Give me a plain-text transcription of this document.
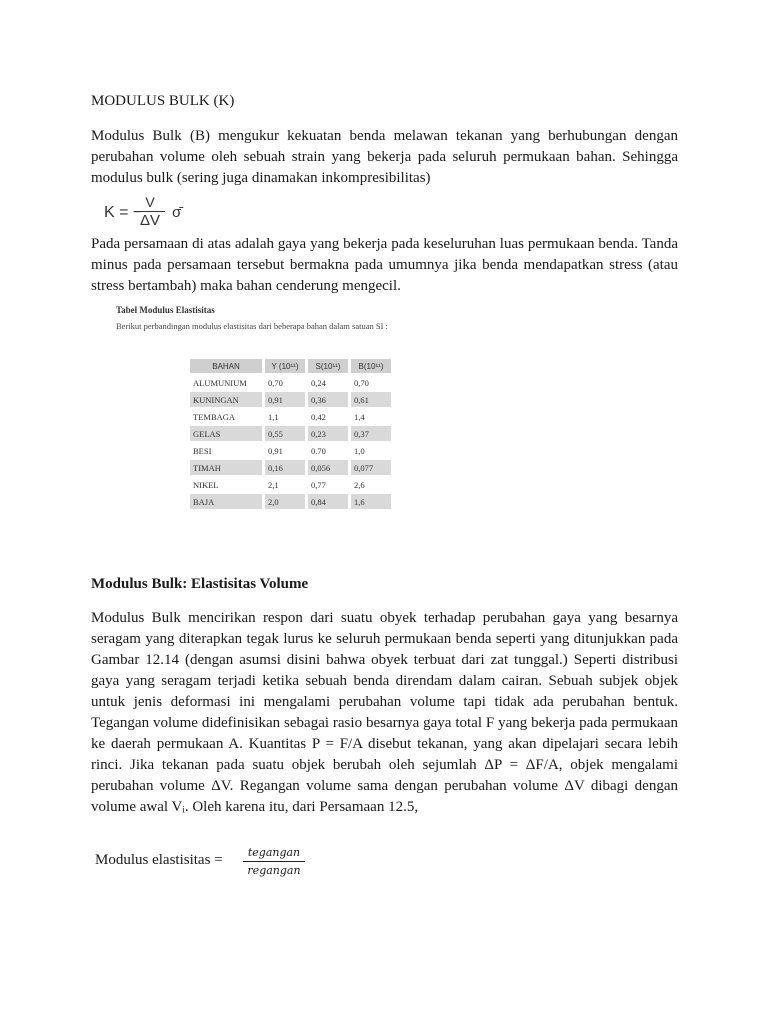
MODULUS BULK (K)
Modulus Bulk (B) mengukur kekuatan benda melawan tekanan yang berhubungan dengan perubahan volume oleh sebuah strain yang bekerja pada seluruh permukaan bahan. Sehingga modulus bulk (sering juga dinamakan inkompresibilitas)
K = −
V
ΔV σ̄
Pada persamaan di atas adalah gaya yang bekerja pada keseluruhan luas permukaan benda. Tanda minus pada persamaan tersebut bermakna pada umumnya jika benda mendapatkan stress (atau stress bertambah) maka bahan cenderung mengecil.
Tabel Modulus Elastisitas
Berikut perbandingan modulus elastisitas dari beberapa bahan dalam satuan SI :
BAHAN	Y (10¹¹)	S(10¹¹)	B(10¹¹)
ALUMUNIUM	0,70	0,24	0,70
KUNINGAN	0,91	0,36	0,61
TEMBAGA	1,1	0,42	1,4
GELAS	0,55	0,23	0,37
BESI	0,91	0.70	1,0
TIMAH	0,16	0,056	0,077
NIKEL	2,1	0,77	2,6
BAJA	2,0	0,84	1,6
Modulus Bulk: Elastisitas Volume
Modulus Bulk mencirikan respon dari suatu obyek terhadap perubahan gaya yang besarnya seragam yang diterapkan tegak lurus ke seluruh permukaan benda seperti yang ditunjukkan pada Gambar 12.14 (dengan asumsi disini bahwa obyek terbuat dari zat tunggal.) Seperti distribusi gaya yang seragam terjadi ketika sebuah benda direndam dalam cairan. Sebuah subjek objek untuk jenis deformasi ini mengalami perubahan volume tapi tidak ada perubahan bentuk. Tegangan volume didefinisikan sebagai rasio besarnya gaya total F yang bekerja pada permukaan ke daerah permukaan A. Kuantitas P = F/A disebut tekanan, yang akan dipelajari secara lebih rinci. Jika tekanan pada suatu objek berubah oleh sejumlah ΔP = ΔF/A, objek mengalami perubahan volume ΔV. Regangan volume sama dengan perubahan volume ΔV dibagi dengan volume awal Vᵢ. Oleh karena itu, dari Persamaan 12.5,
Modulus elastisitas =	tegangan
regangan
